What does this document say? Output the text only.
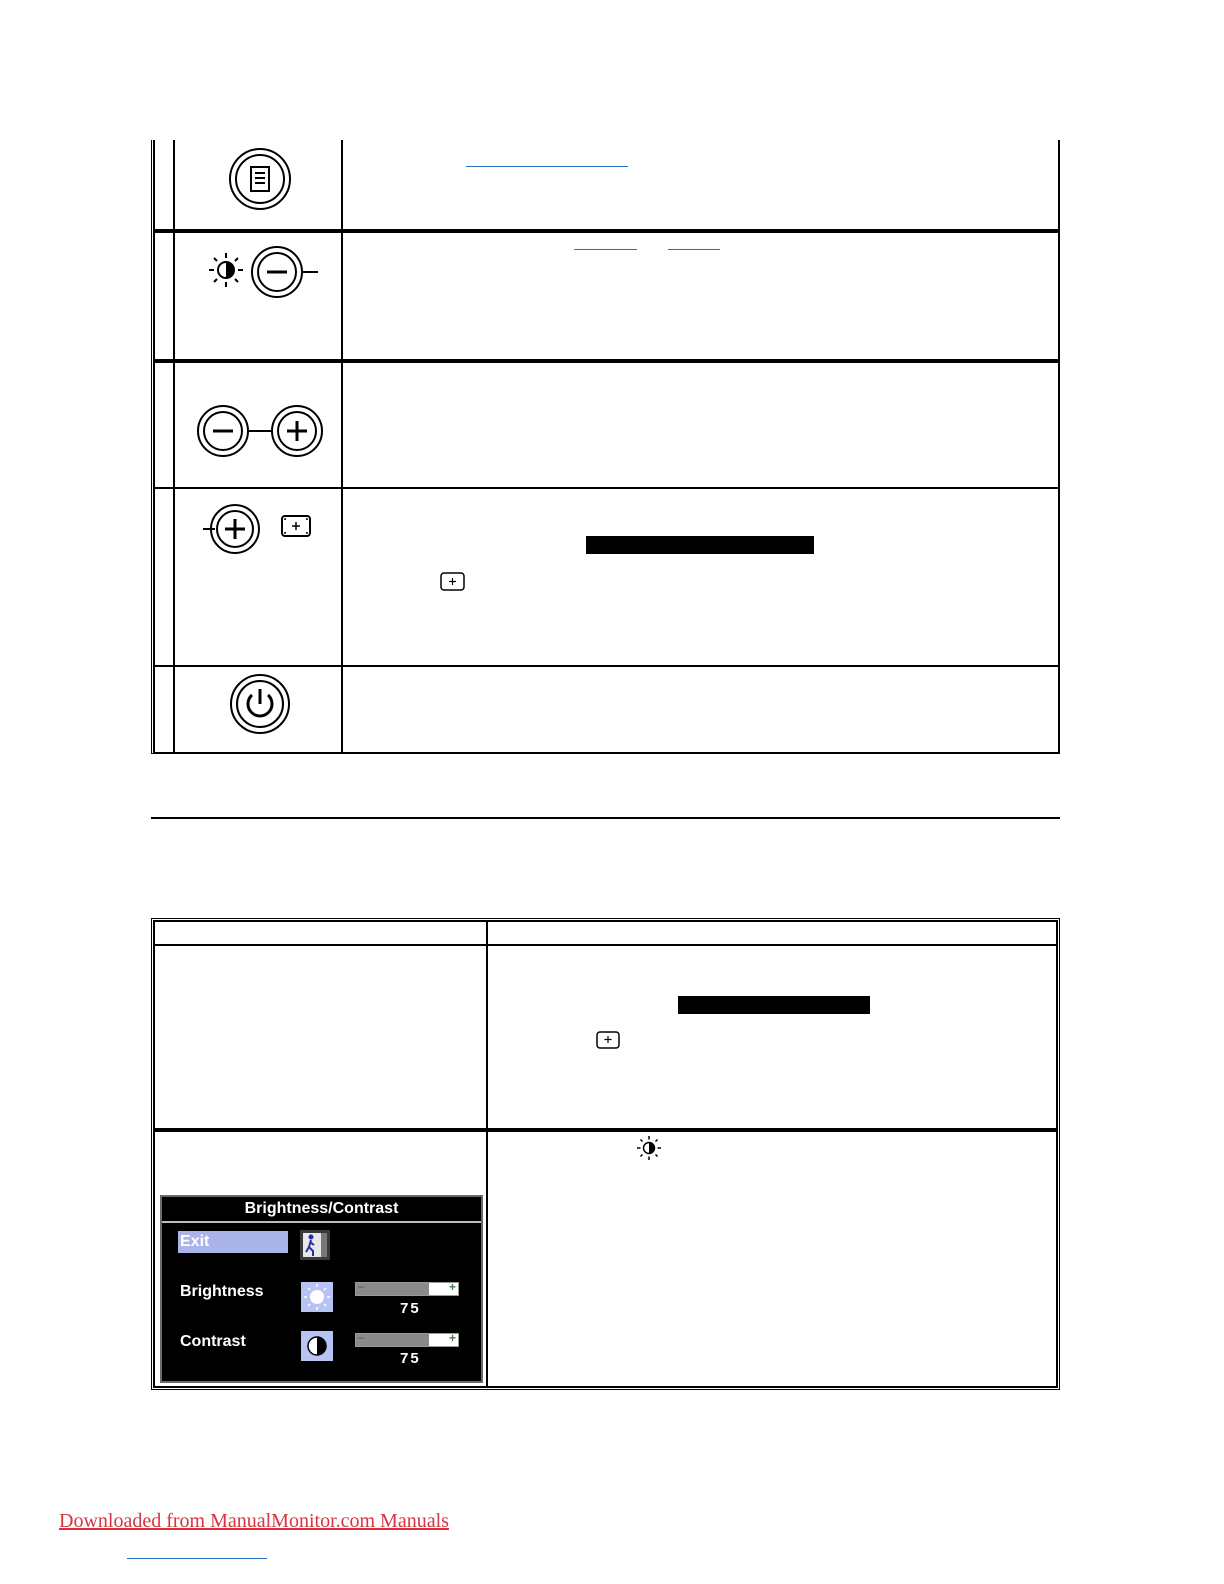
Brightness/Contrast
Exit
Brightness	−	+
75
Contrast	−	+
75
Downloaded from ManualMonitor.com Manuals
